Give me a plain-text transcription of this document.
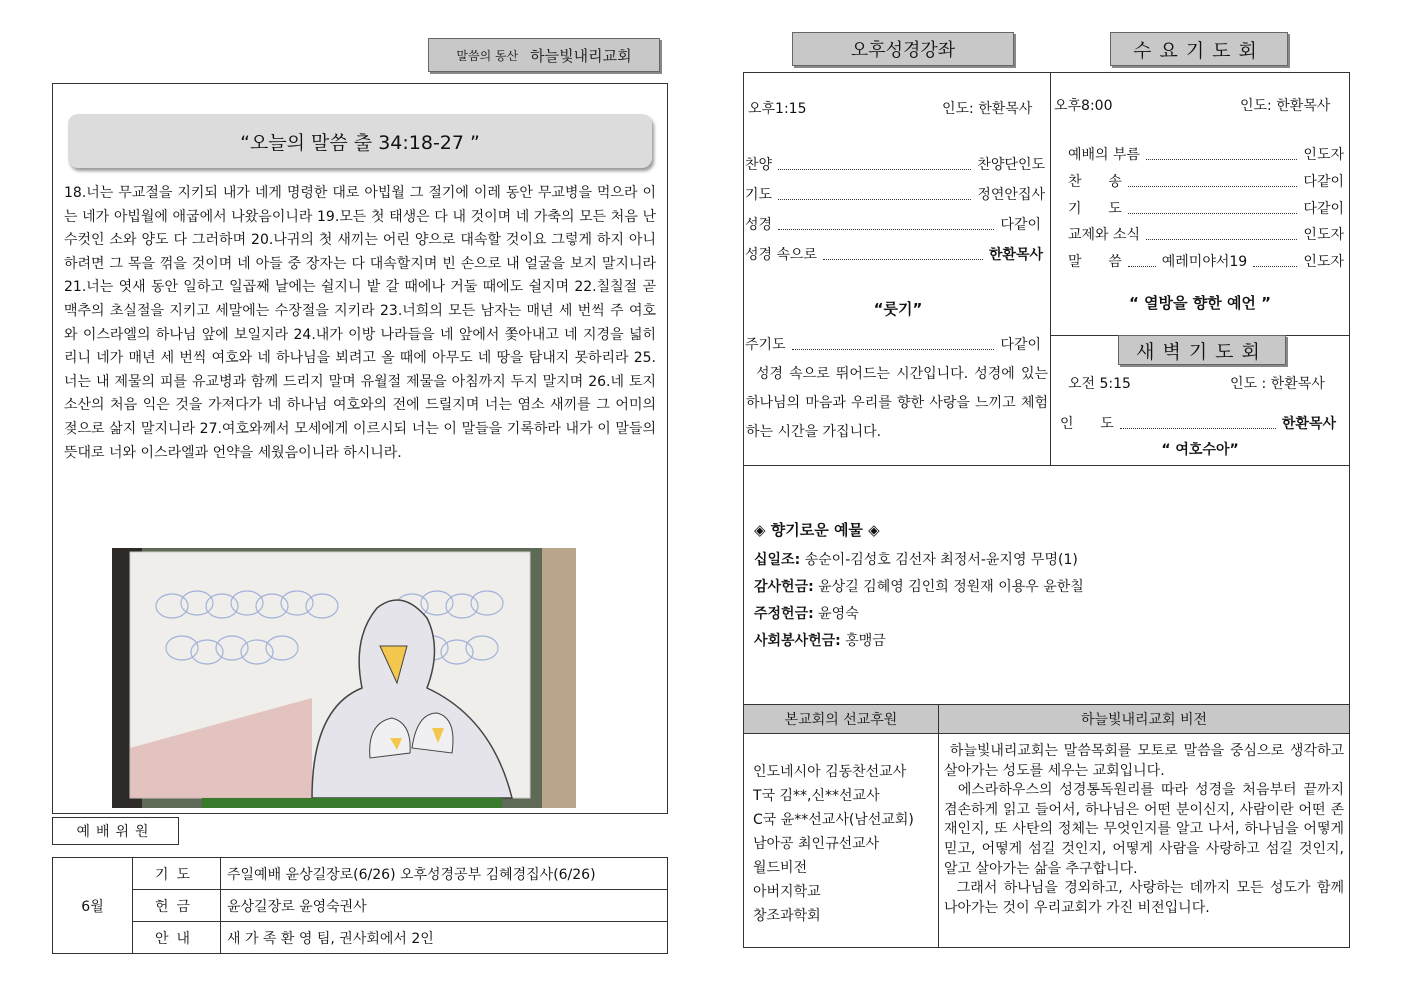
말씀의 동산 하늘빛내리교회
“오늘의 말씀 출 34:18-27 ”
18.너는 무교절을 지키되 내가 네게 명령한 대로 아빕월 그 절기에 이레 동안 무교병을 먹으라 이는 네가 아빕월에 애굽에서 나왔음이니라 19.모든 첫 태생은 다 내 것이며 네 가축의 모든 처음 난 수컷인 소와 양도 다 그러하며 20.나귀의 첫 새끼는 어린 양으로 대속할 것이요 그렇게 하지 아니하려면 그 목을 꺾을 것이며 네 아들 중 장자는 다 대속할지며 빈 손으로 내 얼굴을 보지 말지니라 21.너는 엿새 동안 일하고 일곱째 날에는 쉴지니 밭 갈 때에나 거둘 때에도 쉴지며 22.칠칠절 곧 맥추의 초실절을 지키고 세말에는 수장절을 지키라 23.너희의 모든 남자는 매년 세 번씩 주 여호와 이스라엘의 하나님 앞에 보일지라 24.내가 이방 나라들을 네 앞에서 쫓아내고 네 지경을 넓히리니 네가 매년 세 번씩 여호와 네 하나님을 뵈려고 올 때에 아무도 네 땅을 탐내지 못하리라 25.너는 내 제물의 피를 유교병과 함께 드리지 말며 유월절 제물을 아침까지 두지 말지며 26.네 토지 소산의 처음 익은 것을 가져다가 네 하나님 여호와의 전에 드릴지며 너는 염소 새끼를 그 어미의 젖으로 삶지 말지니라 27.여호와께서 모세에게 이르시되 너는 이 말들을 기록하라 내가 이 말들의 뜻대로 너와 이스라엘과 언약을 세웠음이니라 하시니라.
예배위원
6월	기도	주일예배 윤상길장로(6/26) 오후성경공부 김혜경집사(6/26)
	헌금	윤상길장로 윤영숙권사
	안내	새 가 족 환 영 팀, 권사회에서 2인
오후성경강좌	수요기도회
새벽기도회
오후1:15	인도: 한환목사
찬양	찬양단인도
기도	정연안집사
성경	다같이
성경 속으로	한환목사
“룻기”
주기도	다같이
성경 속으로 뛰어드는 시간입니다. 성경에 있는 하나님의 마음과 우리를 향한 사랑을 느끼고 체험하는 시간을 가집니다.
오후8:00	인도: 한환목사
예배의 부름	인도자
찬      송	다같이
기      도	다같이
교제와 소식	인도자
말      씀	예레미야서19	인도자
“ 열방을 향한 예언 ”
오전 5:15	인도 : 한환목사
인      도	한환목사
“ 여호수아”
◈ 향기로운 예물 ◈
십일조: 송순이-김성호 김선자 최정서-윤지영 무명(1)
감사헌금: 윤상길 김혜영 김인희 정원재 이용우 윤한칠
주정헌금: 윤영숙
사회봉사헌금: 홍맹금
본교회의 선교후원	하늘빛내리교회 비전
인도네시아 김동찬선교사
T국 김**,신**선교사
C국 윤**선교사(남선교회)
남아공 최인규선교사
월드비전
아버지학교
창조과학회
하늘빛내리교회는 말씀목회를 모토로 말씀을 중심으로 생각하고 살아가는 성도를 세우는 교회입니다.
에스라하우스의 성경통독원리를 따라 성경을 처음부터 끝까지 겸손하게 읽고 들어서, 하나님은 어떤 분이신지, 사람이란 어떤 존재인지, 또 사탄의 정체는 무엇인지를 알고 나서, 하나님을 어떻게 믿고, 어떻게 섬길 것인지, 어떻게 사람을 사랑하고 섬길 것인지, 알고 살아가는 삶을 추구합니다.
그래서 하나님을 경외하고, 사랑하는 데까지 모든 성도가 함께 나아가는 것이 우리교회가 가진 비전입니다.
